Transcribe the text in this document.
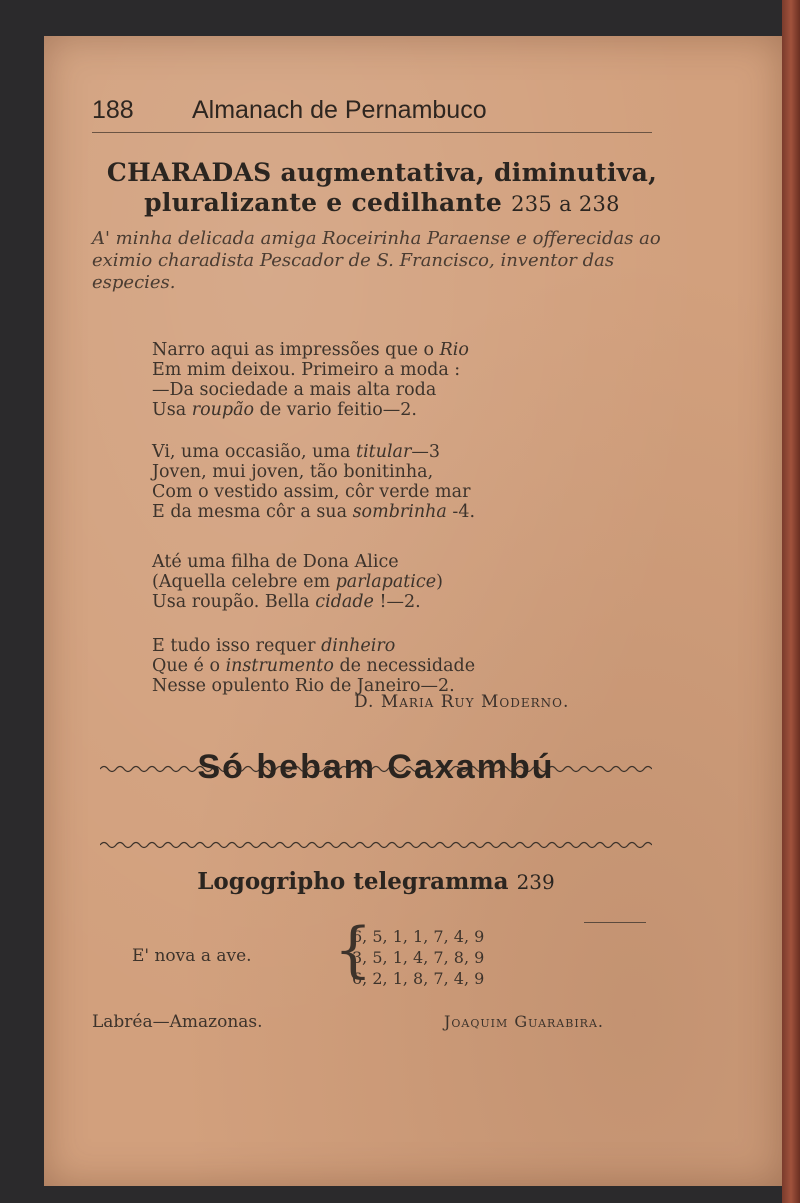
188 Almanach de Pernambuco
CHARADAS augmentativa, diminutiva,
pluralizante e cedilhante 235 a 238
A' minha delicada amiga Roceirinha Paraense e offerecidas ao eximio charadista Pescador de S. Francisco, inventor das especies.
Narro aqui as impressões que o Rio
Em mim deixou. Primeiro a moda :
—Da sociedade a mais alta roda
Usa roupão de vario feitio—2.
Vi, uma occasião, uma titular—3
Joven, mui joven, tão bonitinha,
Com o vestido assim, côr verde mar
E da mesma côr a sua sombrinha -4.
Até uma filha de Dona Alice
(Aquella celebre em parlapatice)
Usa roupão. Bella cidade !—2.
E tudo isso requer dinheiro
Que é o instrumento de necessidade
Nesse opulento Rio de Janeiro—2.
D. Maria Ruy Moderno.
Só bebam Caxambú
Logogripho telegramma 239
E' nova a ave. {
6, 5, 1, 1, 7, 4, 9
3, 5, 1, 4, 7, 8, 9
6, 2, 1, 8, 7, 4, 9
Labréa—Amazonas.	Joaquim Guarabira.
